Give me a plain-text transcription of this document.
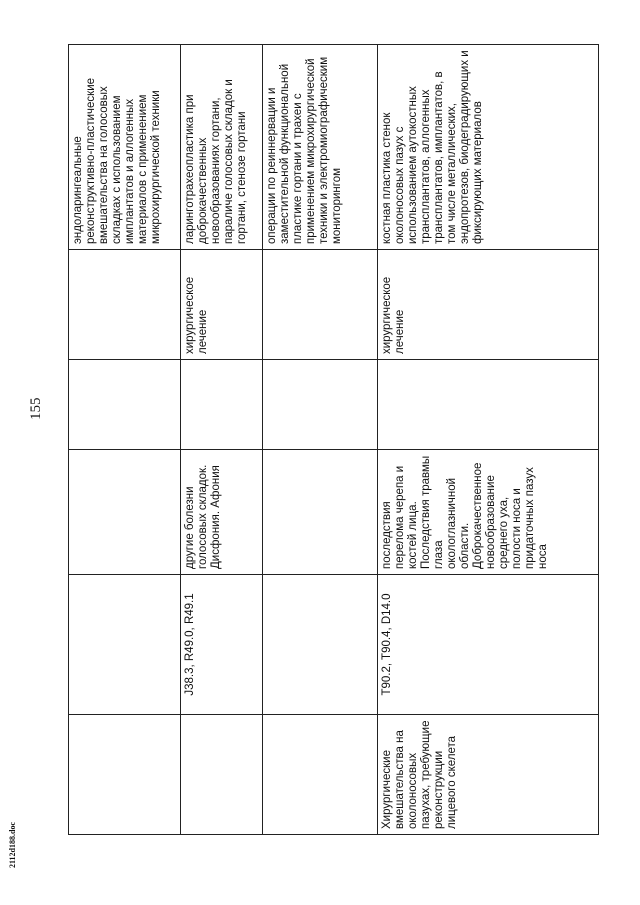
155
2112d188.doc
					эндоларингеальные реконструктивно-пластические вмешательства на голосовых складках с использованием имплантатов и аллогенных материалов с применением микрохирургической техники
	J38.3, R49.0, R49.1	другие болезни голосовых складок. Дисфония. Афония		хирургическое лечение	ларинготрахеопластика при доброкачественных новообразованиях гортани, параличе голосовых складок и гортани, стенозе гортани
					операции по реиннервации и заместительной функциональной пластике гортани и трахеи с применением микрохирургической техники и электромиографическим мониторингом
Хирургические вмешательства на околоносовых пазухах, требующие реконструкции лицевого скелета	T90.2, T90.4, D14.0	последствия перелома черепа и костей лица. Последствия травмы глаза окологлазничной области. Доброкачественное новообразование среднего уха, полости носа и придаточных пазух носа		хирургическое лечение	костная пластика стенок околоносовых пазух с использованием аутокостных трансплантатов, аллогенных трансплантатов, имплантатов, в том числе металлических, эндопротезов, биодеградирующих и фиксирующих материалов
